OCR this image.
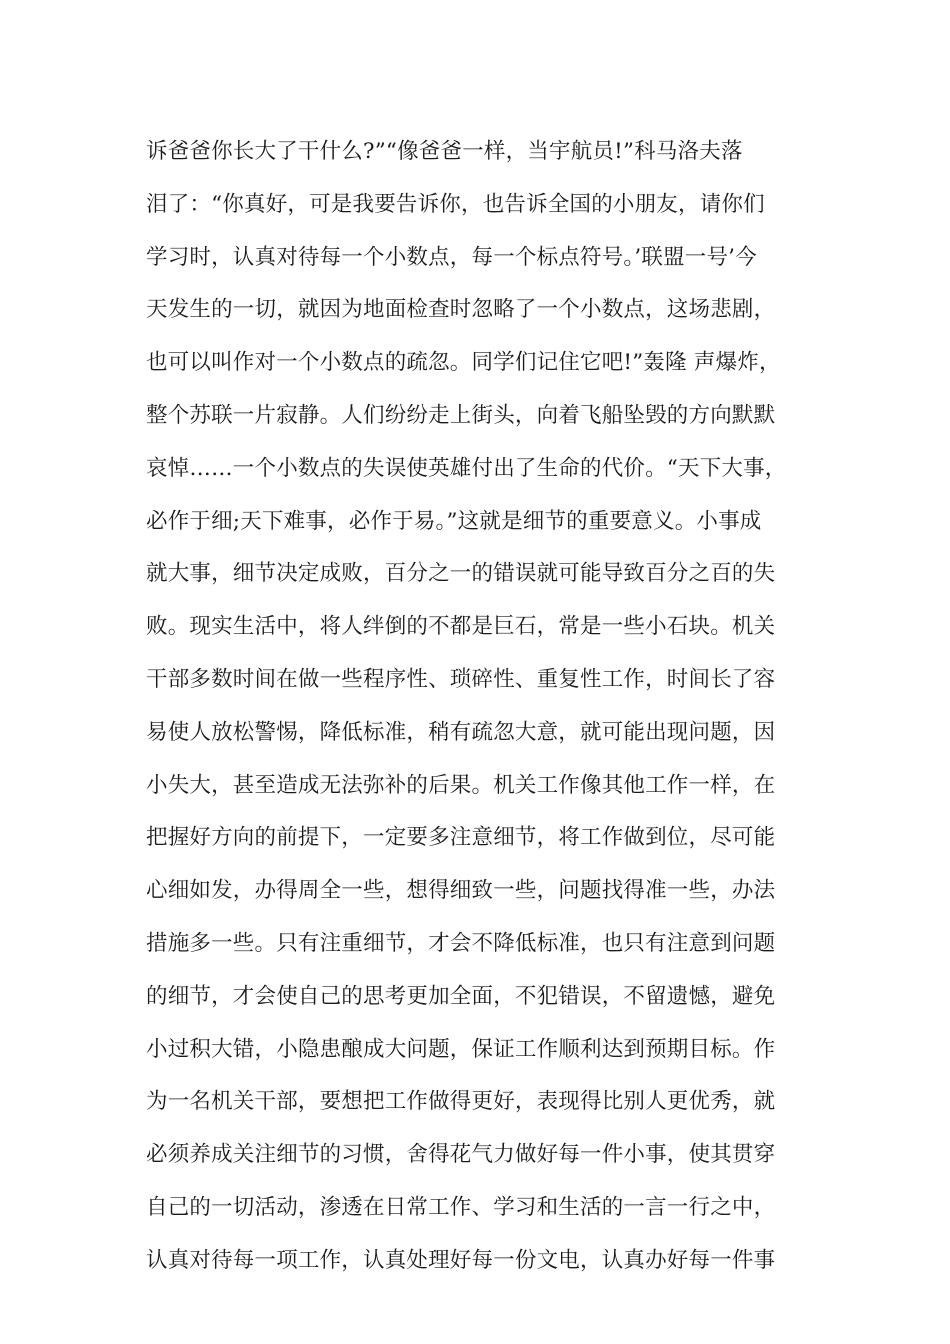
诉爸爸你长大了干什么?”“像爸爸一样，当宇航员!”科马洛夫落
泪了：“你真好，可是我要告诉你，也告诉全国的小朋友，请你们
学习时，认真对待每一个小数点，每一个标点符号。’联盟一号’今
天发生的一切，就因为地面检查时忽略了一个小数点，这场悲剧，
也可以叫作对一个小数点的疏忽。同学们记住它吧!”轰隆 声爆炸，
整个苏联一片寂静。人们纷纷走上街头，向着飞船坠毁的方向默默
哀悼……一个小数点的失误使英雄付出了生命的代价。“天下大事，
必作于细;天下难事，必作于易。”这就是细节的重要意义。小事成
就大事，细节决定成败，百分之一的错误就可能导致百分之百的失
败。现实生活中，将人绊倒的不都是巨石，常是一些小石块。机关
干部多数时间在做一些程序性、琐碎性、重复性工作，时间长了容
易使人放松警惕，降低标准，稍有疏忽大意，就可能出现问题，因
小失大，甚至造成无法弥补的后果。机关工作像其他工作一样，在
把握好方向的前提下，一定要多注意细节，将工作做到位，尽可能
心细如发，办得周全一些，想得细致一些，问题找得准一些，办法
措施多一些。只有注重细节，才会不降低标准，也只有注意到问题
的细节，才会使自己的思考更加全面，不犯错误，不留遗憾，避免
小过积大错，小隐患酿成大问题，保证工作顺利达到预期目标。作
为一名机关干部，要想把工作做得更好，表现得比别人更优秀，就
必须养成关注细节的习惯，舍得花气力做好每一件小事，使其贯穿
自己的一切活动，渗透在日常工作、学习和生活的一言一行之中，
认真对待每一项工作，认真处理好每一份文电，认真办好每一件事
